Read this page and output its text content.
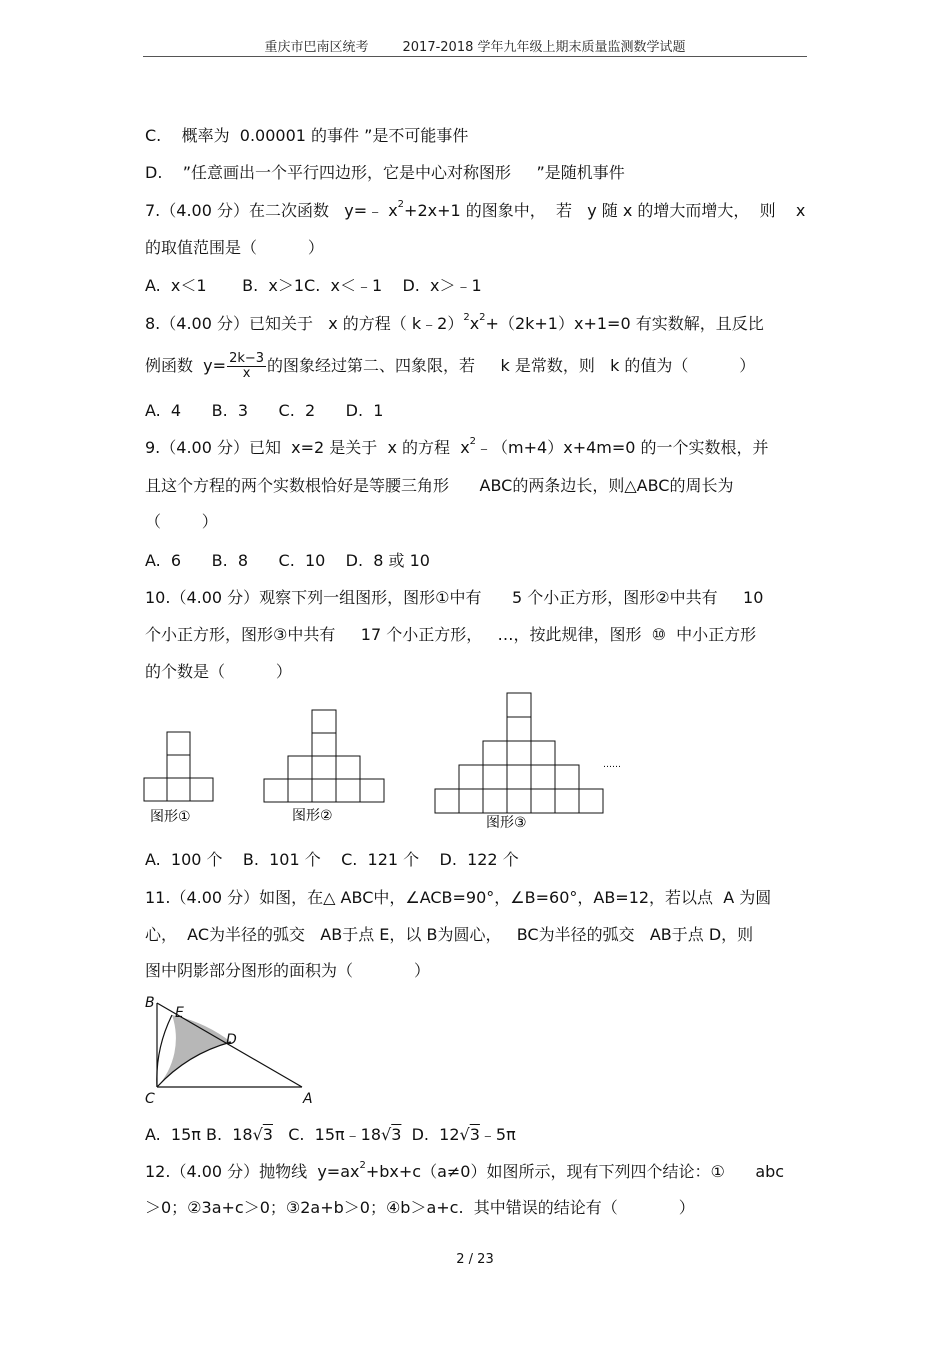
重庆市巴南区统考	2017-2018 学年九年级上期末质量监测数学试题
C.    概率为  0.00001 的事件 ”是不可能事件
D.    ”任意画出一个平行四边形，它是中心对称图形     ”是随机事件
7.（4.00 分）在二次函数   y=﹣ $x^2+2x+1$ 的图象中，  若   y 随 x 的增大而增大，  则    x
的取值范围是（          ）
A.  x＜1       B.  x＞1C.  x＜﹣1    D.  x＞﹣1
8.（4.00 分）已知关于   x 的方程（ $k﹣2)^2x^2+(2k+1)x+1=0$ 有实数解，且反比
例函数  $y= \frac{2k-3}{x}$ 的图象经过第二、四象限，若     k 是常数，则   k 的值为（          ）
A.  4      B.  3      C.  2      D.  1
9.（4.00 分）已知  x=2 是关于  x 的方程  $x^2﹣(m+4)x+4m=0$ 的一个实数根，并
且这个方程的两个实数根恰好是等腰三角形      ABC的两条边长，则△ABC的周长为
（        ）
A.  6      B.  8      C.  10    D.  8 或 10
10.（4.00 分）观察下列一组图形，图形①中有      5 个小正方形，图形②中共有     10
个小正方形，图形③中共有     17 个小正方形，   …，按此规律，图形  ⑩  中小正方形
的个数是（          ）
图形①	图形②	图形③
……
A.  100 个    B.  101 个    C.  121 个    D.  122 个
11.（4.00 分）如图，在△ ABC中，∠ACB=90°，∠B=60°，AB=12，若以点  A 为圆
心，  AC为半径的弧交   AB于点 E，以 B为圆心，   BC为半径的弧交   AB于点 D，则
图中阴影部分图形的面积为（            ）
B
E
D
C	A
A.  15π B.  18√3   C.  15π﹣18√3  D.  12√3﹣5π
12.（4.00 分）抛物线  $y=ax^2+bx+c(a\ne 0)$如图所示，现有下列四个结论：①      abc
＞0；②3a+c＞0；③2a+b＞0；④b＞a+c.  其中错误的结论有（            ）
2 / 23
